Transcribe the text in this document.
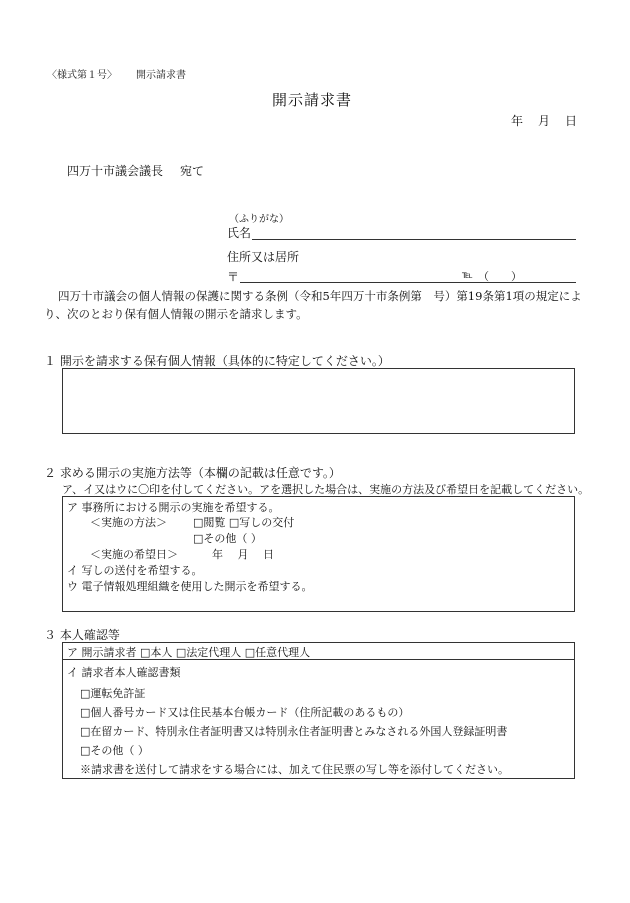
〈様式第１号〉 開示請求書
開示請求書
年 月 日
四万十市議会議長 宛て
（ふりがな）
氏名
住所又は居所
〒	℡ （　　）
四万十市議会の個人情報の保護に関する条例（令和5年四万十市条例第　号）第19条第1項の規定により、次のとおり保有個人情報の開示を請求します。
１ 開示を請求する保有個人情報（具体的に特定してください。）
２ 求める開示の実施方法等（本欄の記載は任意です。）
ア、イ又はウに〇印を付してください。アを選択した場合は、実施の方法及び希望日を記載してください。
ア 事務所における開示の実施を希望する。
＜実施の方法＞ □閲覧 □写しの交付
□その他（ ）
＜実施の希望日＞	年　 月　 日
イ 写しの送付を希望する。
ウ 電子情報処理組織を使用した開示を希望する。
３ 本人確認等
ア 開示請求者 □本人 □法定代理人 □任意代理人
イ 請求者本人確認書類
□運転免許証
□個人番号カード又は住民基本台帳カード（住所記載のあるもの）
□在留カード、特別永住者証明書又は特別永住者証明書とみなされる外国人登録証明書
□その他（ ）
※請求書を送付して請求をする場合には、加えて住民票の写し等を添付してください。
